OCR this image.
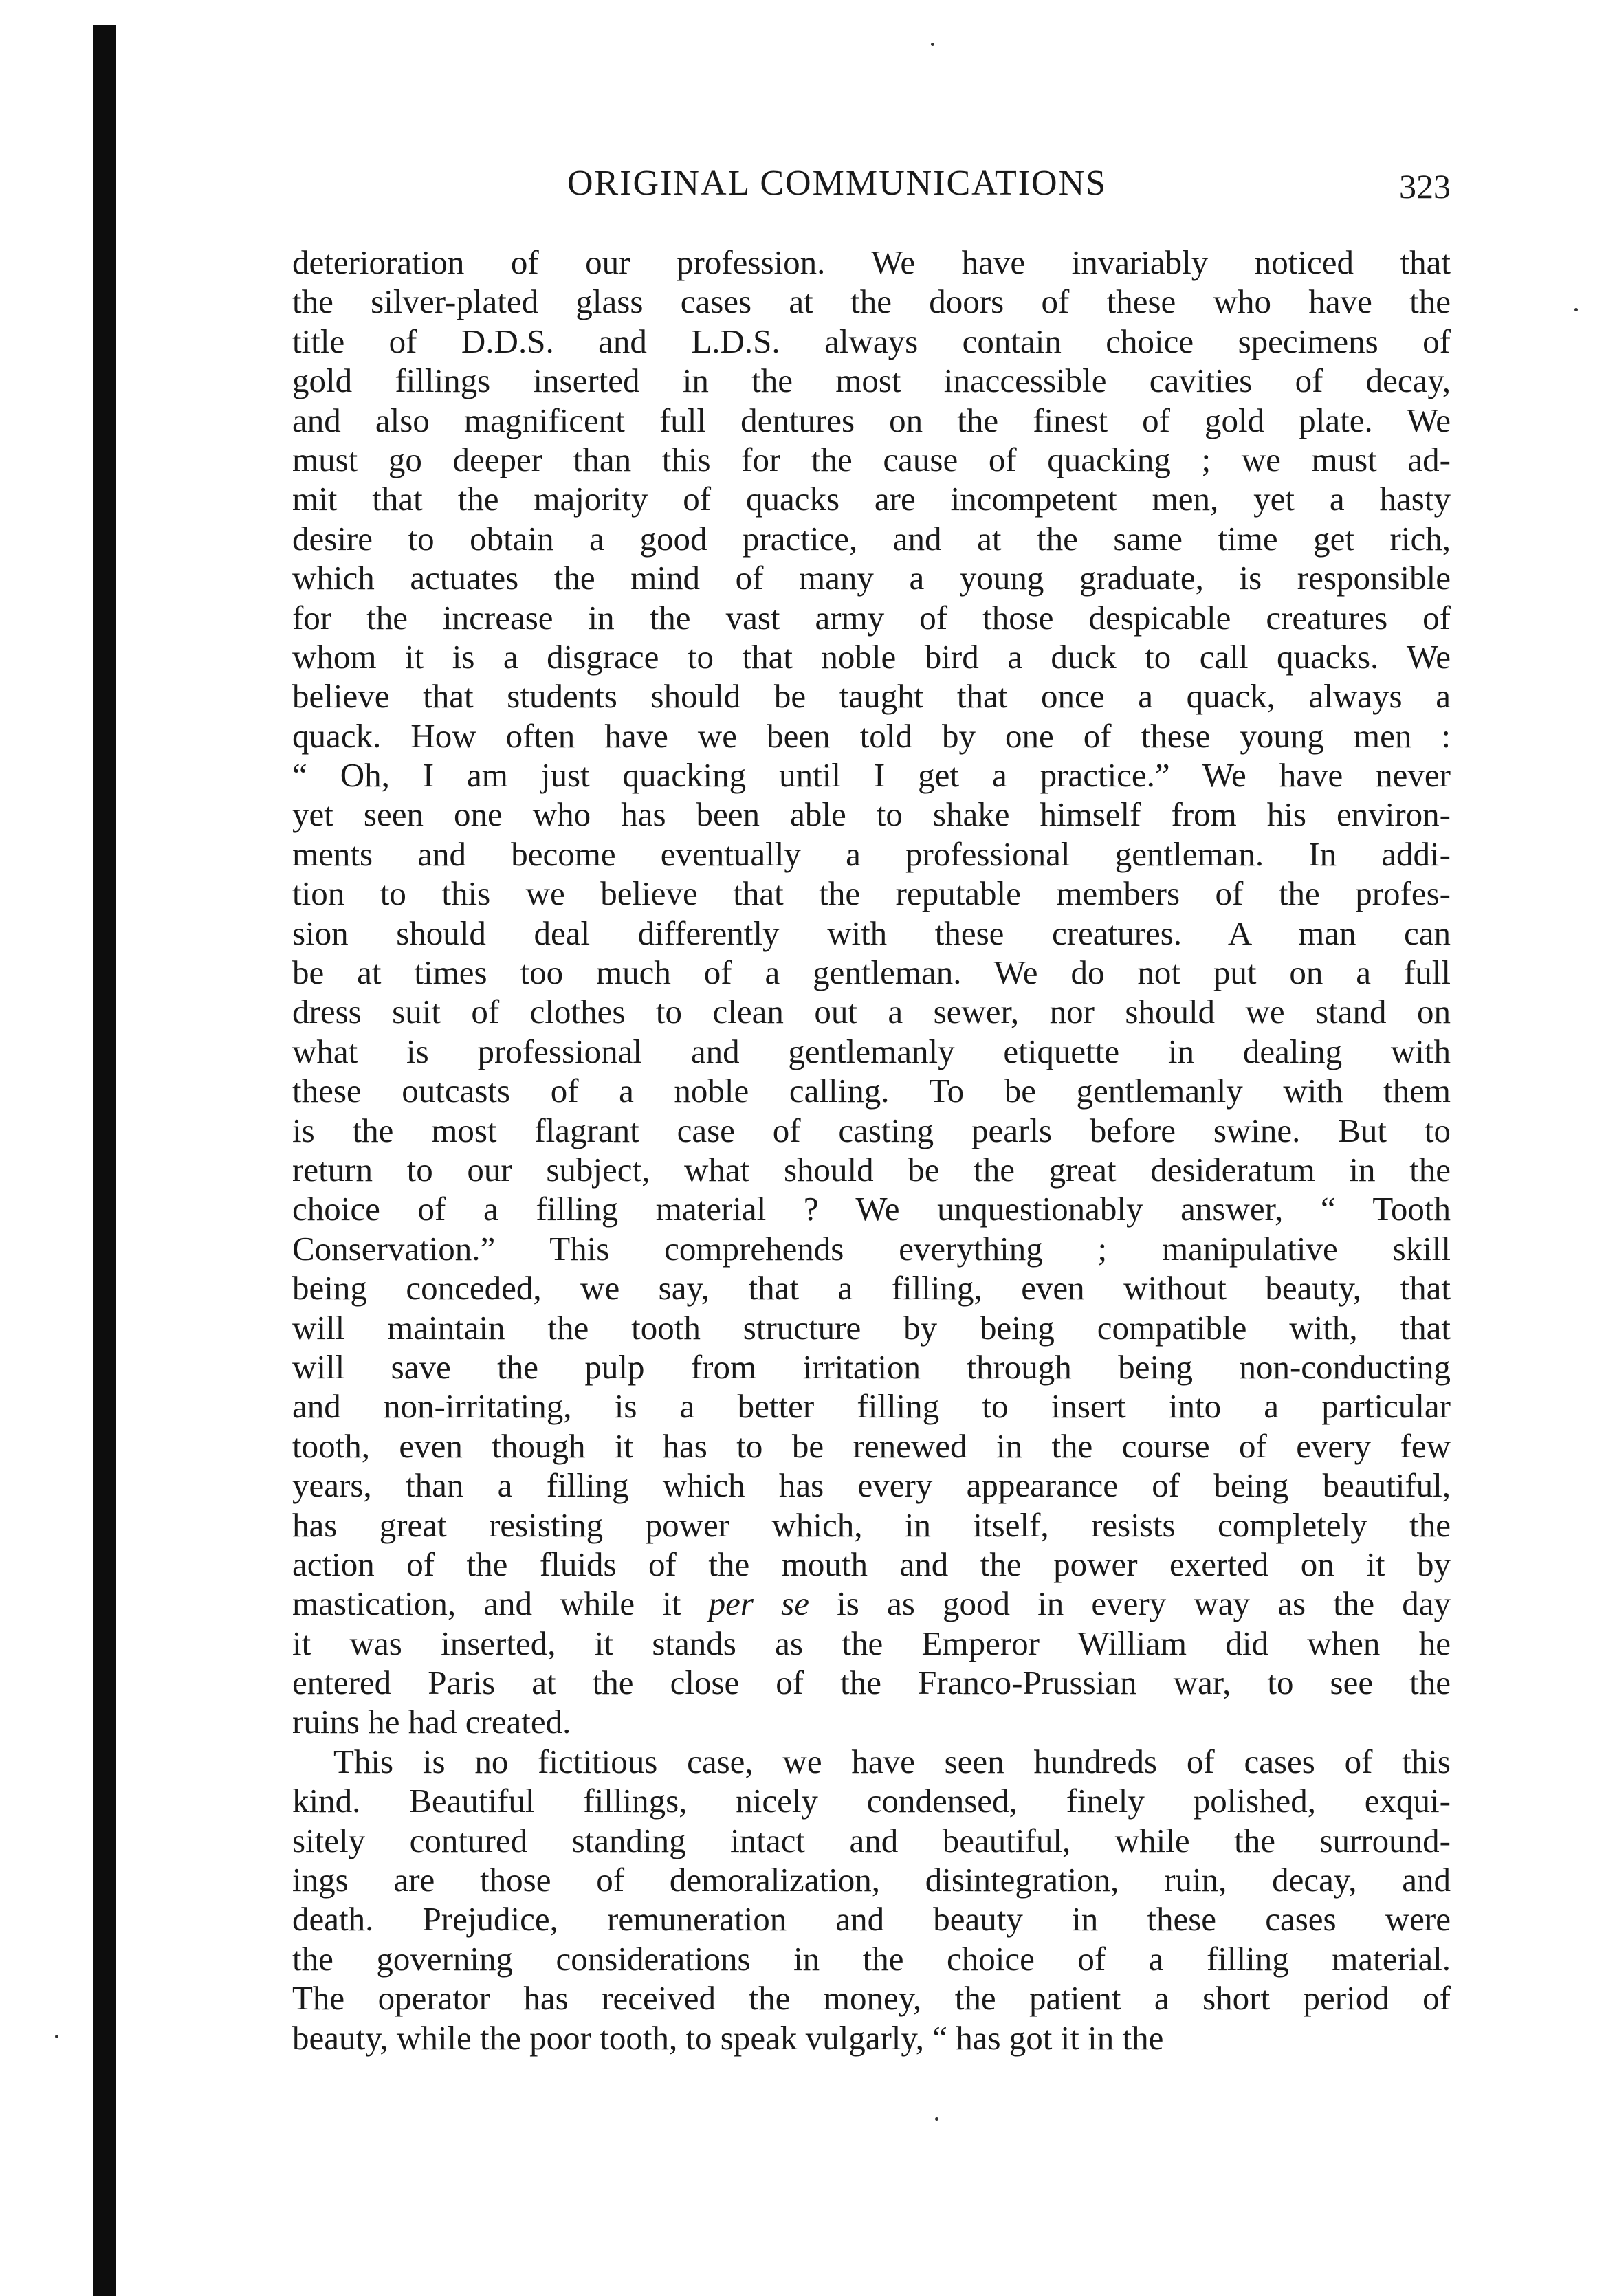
ORIGINAL COMMUNICATIONS	323
deterioration of our profession. We have invariably noticed that
the silver-plated glass cases at the doors of these who have the
title of D.D.S. and L.D.S. always contain choice specimens of
gold fillings inserted in the most inaccessible cavities of decay,
and also magnificent full dentures on the finest of gold plate. We
must go deeper than this for the cause of quacking ; we must ad-
mit that the majority of quacks are incompetent men, yet a hasty
desire to obtain a good practice, and at the same time get rich,
which actuates the mind of many a young graduate, is responsible
for the increase in the vast army of those despicable creatures of
whom it is a disgrace to that noble bird a duck to call quacks. We
believe that students should be taught that once a quack, always a
quack. How often have we been told by one of these young men :
“ Oh, I am just quacking until I get a practice.” We have never
yet seen one who has been able to shake himself from his environ-
ments and become eventually a professional gentleman. In addi-
tion to this we believe that the reputable members of the profes-
sion should deal differently with these creatures. A man can
be at times too much of a gentleman. We do not put on a full
dress suit of clothes to clean out a sewer, nor should we stand on
what is professional and gentlemanly etiquette in dealing with
these outcasts of a noble calling. To be gentlemanly with them
is the most flagrant case of casting pearls before swine. But to
return to our subject, what should be the great desideratum in the
choice of a filling material ? We unquestionably answer, “ Tooth
Conservation.” This comprehends everything ; manipulative skill
being conceded, we say, that a filling, even without beauty, that
will maintain the tooth structure by being compatible with, that
will save the pulp from irritation through being non-conducting
and non-irritating, is a better filling to insert into a particular
tooth, even though it has to be renewed in the course of every few
years, than a filling which has every appearance of being beautiful,
has great resisting power which, in itself, resists completely the
action of the fluids of the mouth and the power exerted on it by
mastication, and while it per se is as good in every way as the day
it was inserted, it stands as the Emperor William did when he
entered Paris at the close of the Franco-Prussian war, to see the
ruins he had created.
This is no fictitious case, we have seen hundreds of cases of this
kind. Beautiful fillings, nicely condensed, finely polished, exqui-
sitely contured standing intact and beautiful, while the surround-
ings are those of demoralization, disintegration, ruin, decay, and
death. Prejudice, remuneration and beauty in these cases were
the governing considerations in the choice of a filling material.
The operator has received the money, the patient a short period of
beauty, while the poor tooth, to speak vulgarly, “ has got it in the
